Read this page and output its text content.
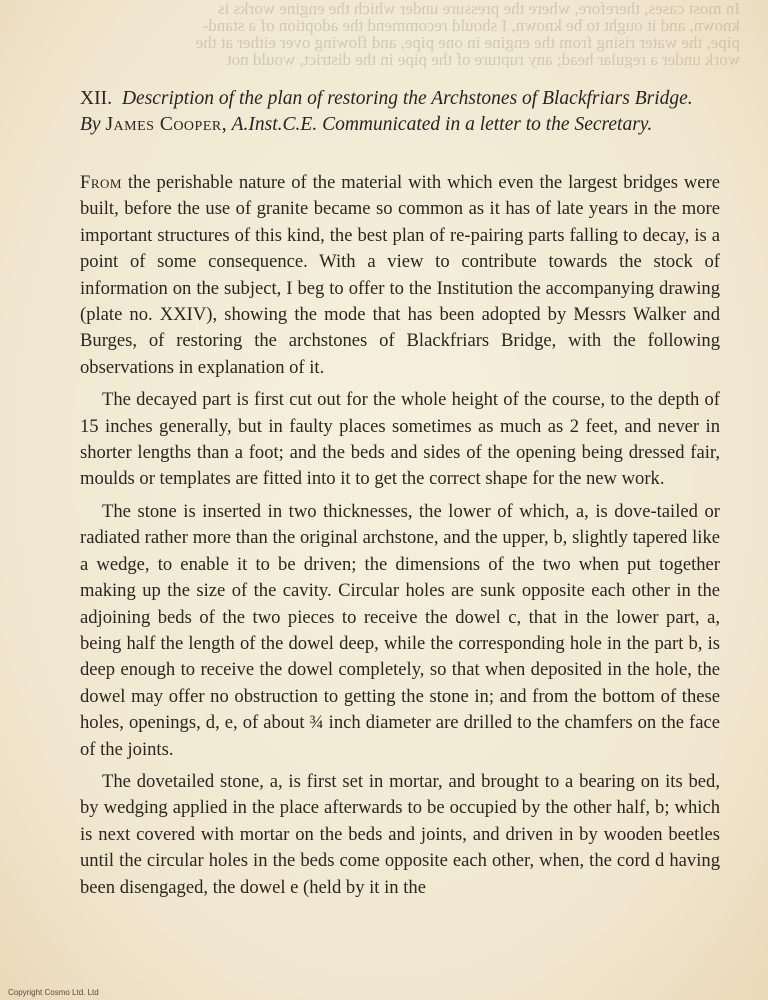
In most cases, therefore, where the pressure under which the engine works is
known, and it ought to be known, I should recommend the adoption of a stand-
pipe, the water rising from the engine in one pipe, and flowing over either at the
work under a regular head; any rupture of the pipe in the district, would not
XII. Description of the plan of restoring the Archstones of Blackfriars Bridge.
By James Cooper, A.Inst.C.E. Communicated in a letter to the Secretary.

From the perishable nature of the material with which even the largest bridges were built, before the use of granite became so common as it has of late years in the more important structures of this kind, the best plan of re-pairing parts falling to decay, is a point of some consequence. With a view to contribute towards the stock of information on the subject, I beg to offer to the Institution the accompanying drawing (plate no. XXIV), showing the mode that has been adopted by Messrs Walker and Burges, of restoring the archstones of Blackfriars Bridge, with the following observations in explanation of it.

The decayed part is first cut out for the whole height of the course, to the depth of 15 inches generally, but in faulty places sometimes as much as 2 feet, and never in shorter lengths than a foot; and the beds and sides of the opening being dressed fair, moulds or templates are fitted into it to get the correct shape for the new work.

The stone is inserted in two thicknesses, the lower of which, a, is dove-tailed or radiated rather more than the original archstone, and the upper, b, slightly tapered like a wedge, to enable it to be driven; the dimensions of the two when put together making up the size of the cavity. Circular holes are sunk opposite each other in the adjoining beds of the two pieces to receive the dowel c, that in the lower part, a, being half the length of the dowel deep, while the corresponding hole in the part b, is deep enough to receive the dowel completely, so that when deposited in the hole, the dowel may offer no obstruction to getting the stone in; and from the bottom of these holes, openings, d, e, of about ¾ inch diameter are drilled to the chamfers on the face of the joints.

The dovetailed stone, a, is first set in mortar, and brought to a bearing on its bed, by wedging applied in the place afterwards to be occupied by the other half, b; which is next covered with mortar on the beds and joints, and driven in by wooden beetles until the circular holes in the beds come opposite each other, when, the cord d having been disengaged, the dowel e (held by it in the

Copyright Cosmo Ltd. Ltd
